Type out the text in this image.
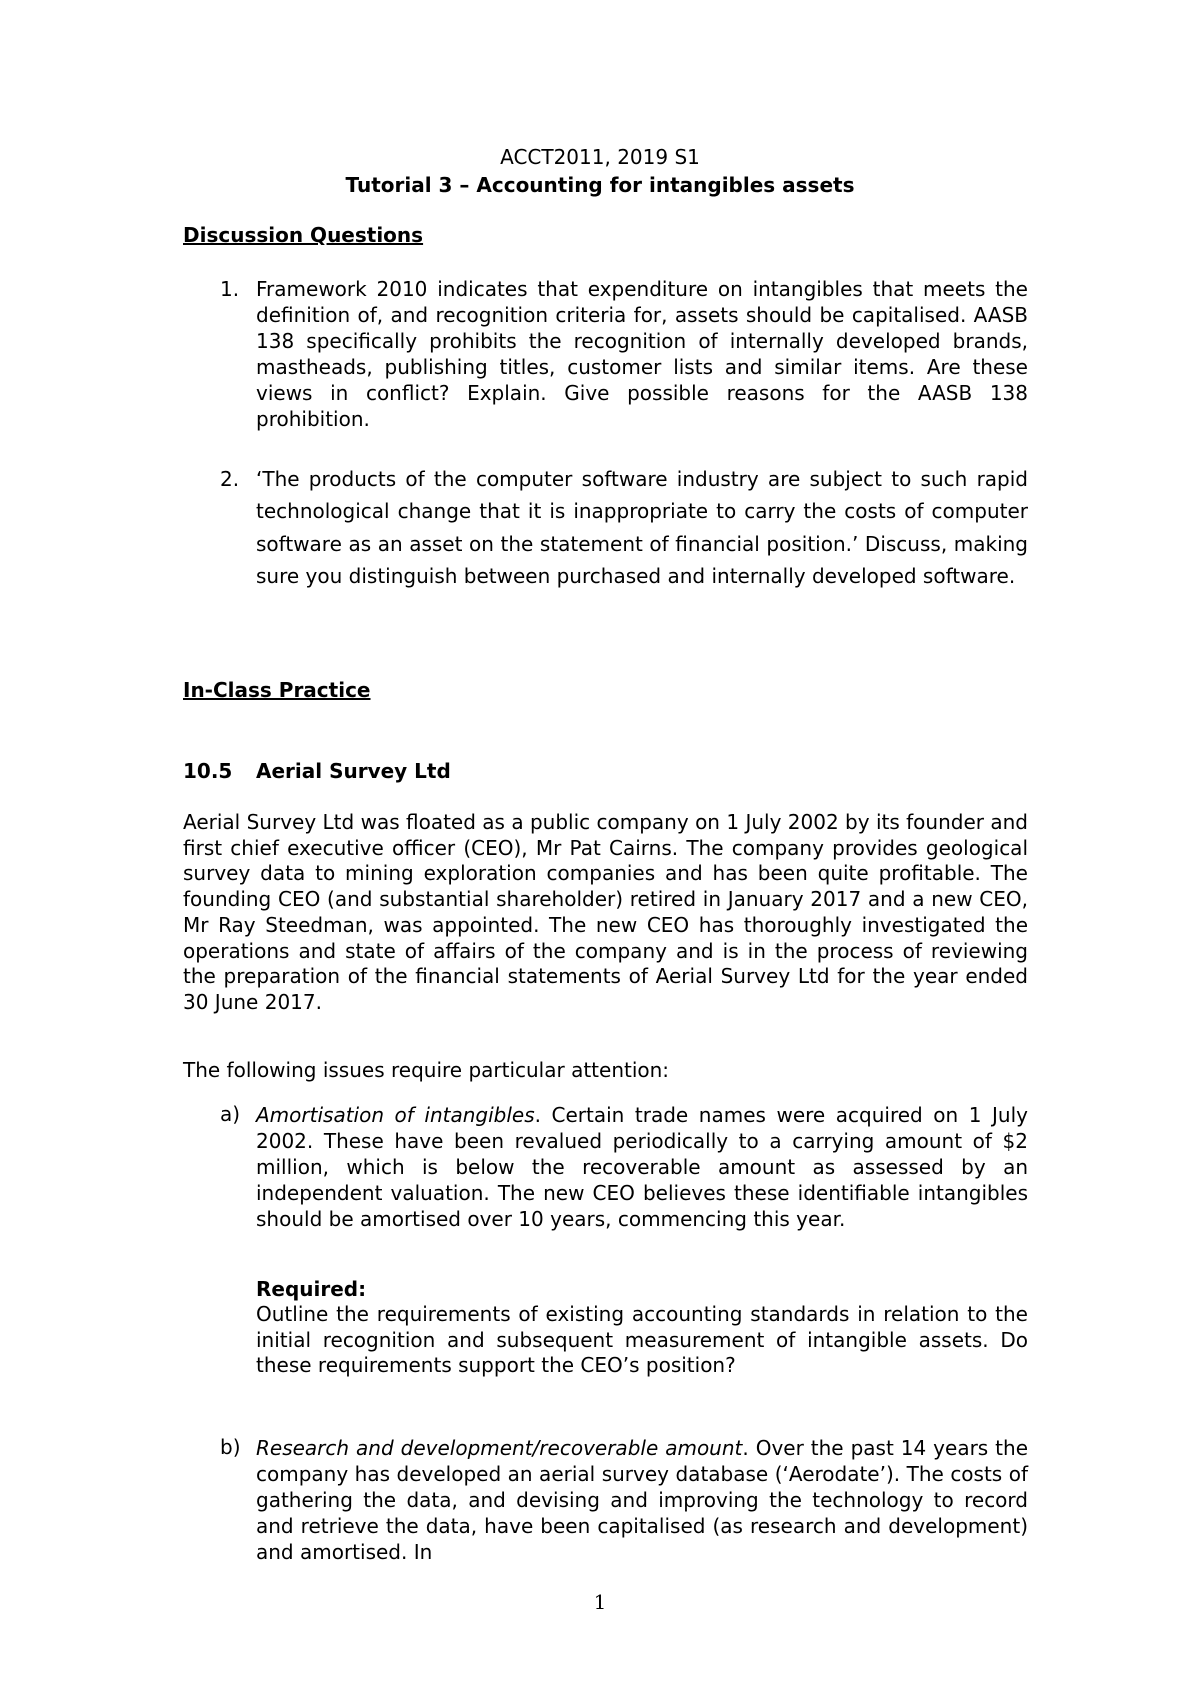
ACCT2011, 2019 S1

Tutorial 3 – Accounting for intangibles assets

Discussion Questions

1. Framework 2010 indicates that expenditure on intangibles that meets the definition of, and recognition criteria for, assets should be capitalised. AASB 138 specifically prohibits the recognition of internally developed brands, mastheads, publishing titles, customer lists and similar items. Are these views in conflict? Explain. Give possible reasons for the AASB 138 prohibition.
2. ‘The products of the computer software industry are subject to such rapid technological change that it is inappropriate to carry the costs of computer software as an asset on the statement of financial position.’ Discuss, making sure you distinguish between purchased and internally developed software.

In-Class Practice

10.5 Aerial Survey Ltd

Aerial Survey Ltd was floated as a public company on 1 July 2002 by its founder and first chief executive officer (CEO), Mr Pat Cairns. The company provides geological survey data to mining exploration companies and has been quite profitable. The founding CEO (and substantial shareholder) retired in January 2017 and a new CEO, Mr Ray Steedman, was appointed. The new CEO has thoroughly investigated the operations and state of affairs of the company and is in the process of reviewing the preparation of the financial statements of Aerial Survey Ltd for the year ended 30 June 2017.

The following issues require particular attention:

a) Amortisation of intangibles. Certain trade names were acquired on 1 July 2002. These have been revalued periodically to a carrying amount of $2 million, which is below the recoverable amount as assessed by an independent valuation. The new CEO believes these identifiable intangibles should be amortised over 10 years, commencing this year.
Required:
Outline the requirements of existing accounting standards in relation to the initial recognition and subsequent measurement of intangible assets. Do these requirements support the CEO’s position?
b) Research and development/recoverable amount. Over the past 14 years the company has developed an aerial survey database (‘Aerodate’). The costs of gathering the data, and devising and improving the technology to record and retrieve the data, have been capitalised (as research and development) and amortised. In

1
